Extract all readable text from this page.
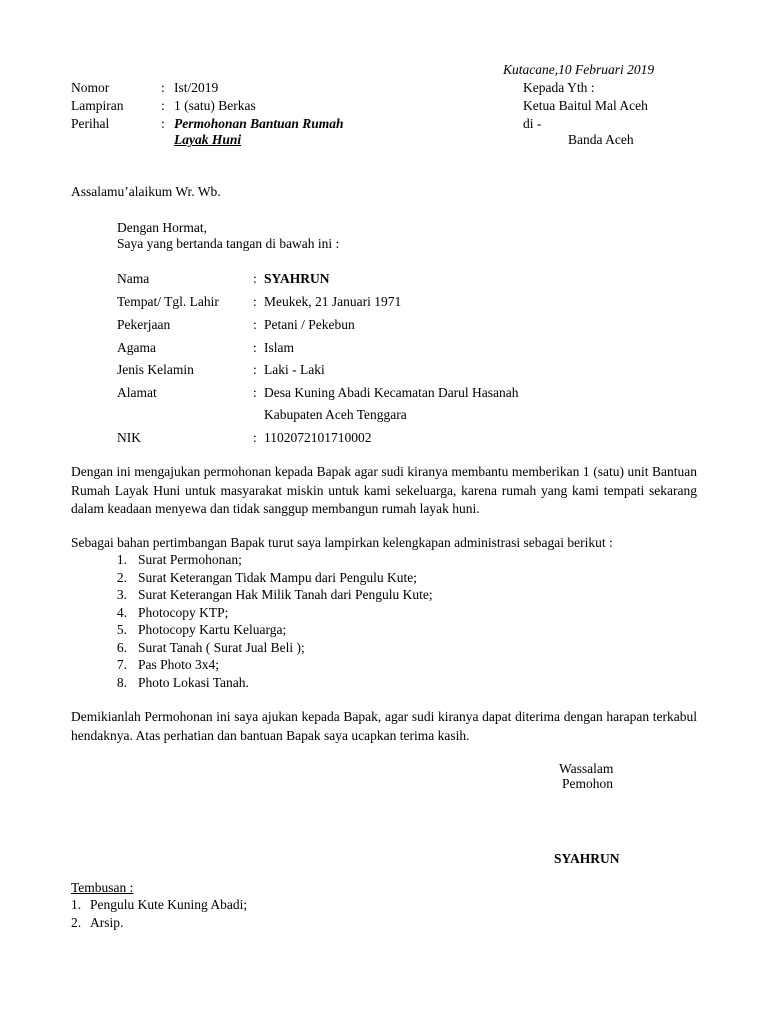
Kutacane,10 Februari 2019
Nomor	: Ist/2019
Lampiran	: 1 (satu) Berkas
Perihal	: Permohonan Bantuan Rumah
Layak Huni
Kepada Yth :
Ketua Baitul Mal Aceh
di -
Banda Aceh
Assalamu’alaikum Wr. Wb.
Dengan Hormat,
Saya yang bertanda tangan di bawah ini :
Nama	: SYAHRUN
Tempat/ Tgl. Lahir	: Meukek, 21 Januari 1971
Pekerjaan	: Petani / Pekebun
Agama	: Islam
Jenis Kelamin	: Laki - Laki
Alamat	: Desa Kuning Abadi Kecamatan Darul Hasanah
Kabupaten Aceh Tenggara
NIK	: 1102072101710002
Dengan ini mengajukan permohonan kepada Bapak agar sudi kiranya membantu memberikan 1 (satu) unit Bantuan Rumah Layak Huni untuk masyarakat miskin untuk kami sekeluarga, karena rumah yang kami tempati sekarang dalam keadaan menyewa dan tidak sanggup membangun rumah layak huni.
Sebagai bahan pertimbangan Bapak turut saya lampirkan kelengkapan administrasi sebagai berikut :
1. Surat Permohonan;
2. Surat Keterangan Tidak Mampu dari Pengulu Kute;
3. Surat Keterangan Hak Milik Tanah dari Pengulu Kute;
4. Photocopy KTP;
5. Photocopy Kartu Keluarga;
6. Surat Tanah ( Surat Jual Beli );
7. Pas Photo 3x4;
8. Photo Lokasi Tanah.
Demikianlah Permohonan ini saya ajukan kepada Bapak, agar sudi kiranya dapat diterima dengan harapan terkabul hendaknya. Atas perhatian dan bantuan Bapak saya ucapkan terima kasih.
Wassalam
Pemohon
SYAHRUN
Tembusan :
1. Pengulu Kute Kuning Abadi;
2. Arsip.
